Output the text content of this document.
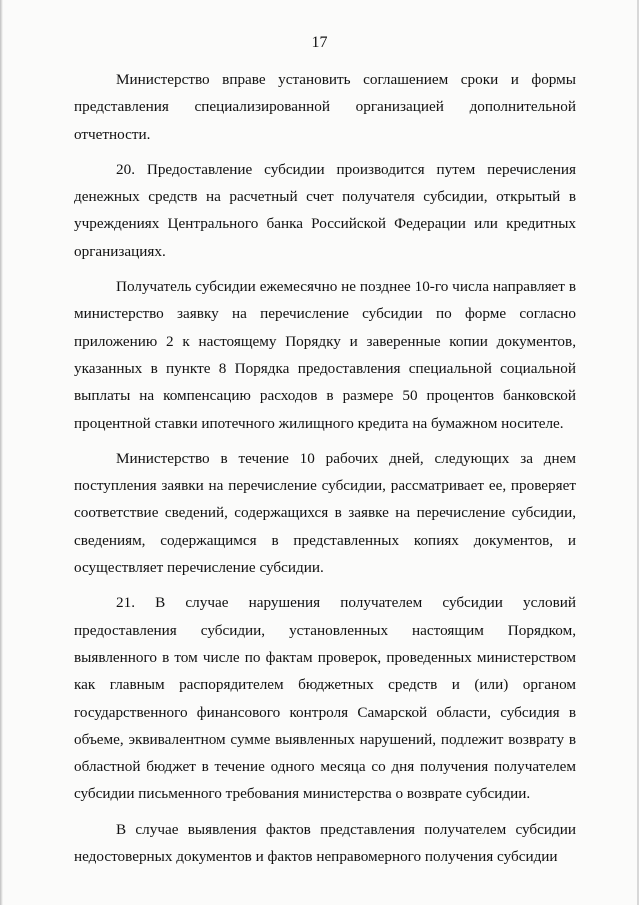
17

Министерство вправе установить соглашением сроки и формы представления специализированной организацией дополнительной отчетности.

20. Предоставление субсидии производится путем перечисления денежных средств на расчетный счет получателя субсидии, открытый в учреждениях Центрального банка Российской Федерации или кредитных организациях.

Получатель субсидии ежемесячно не позднее 10-го числа направляет в министерство заявку на перечисление субсидии по форме согласно приложению 2 к настоящему Порядку и заверенные копии документов, указанных в пункте 8 Порядка предоставления специальной социальной выплаты на компенсацию расходов в размере 50 процентов банковской процентной ставки ипотечного жилищного кредита на бумажном носителе.

Министерство в течение 10 рабочих дней, следующих за днем поступления заявки на перечисление субсидии, рассматривает ее, проверяет соответствие сведений, содержащихся в заявке на перечисление субсидии, сведениям, содержащимся в представленных копиях документов, и осуществляет перечисление субсидии.

21. В случае нарушения получателем субсидии условий предоставления субсидии, установленных настоящим Порядком, выявленного в том числе по фактам проверок, проведенных министерством как главным распорядителем бюджетных средств и (или) органом государственного финансового контроля Самарской области, субсидия в объеме, эквивалентном сумме выявленных нарушений, подлежит возврату в областной бюджет в течение одного месяца со дня получения получателем субсидии письменного требования министерства о возврате субсидии.

В случае выявления фактов представления получателем субсидии недостоверных документов и фактов неправомерного получения субсидии
